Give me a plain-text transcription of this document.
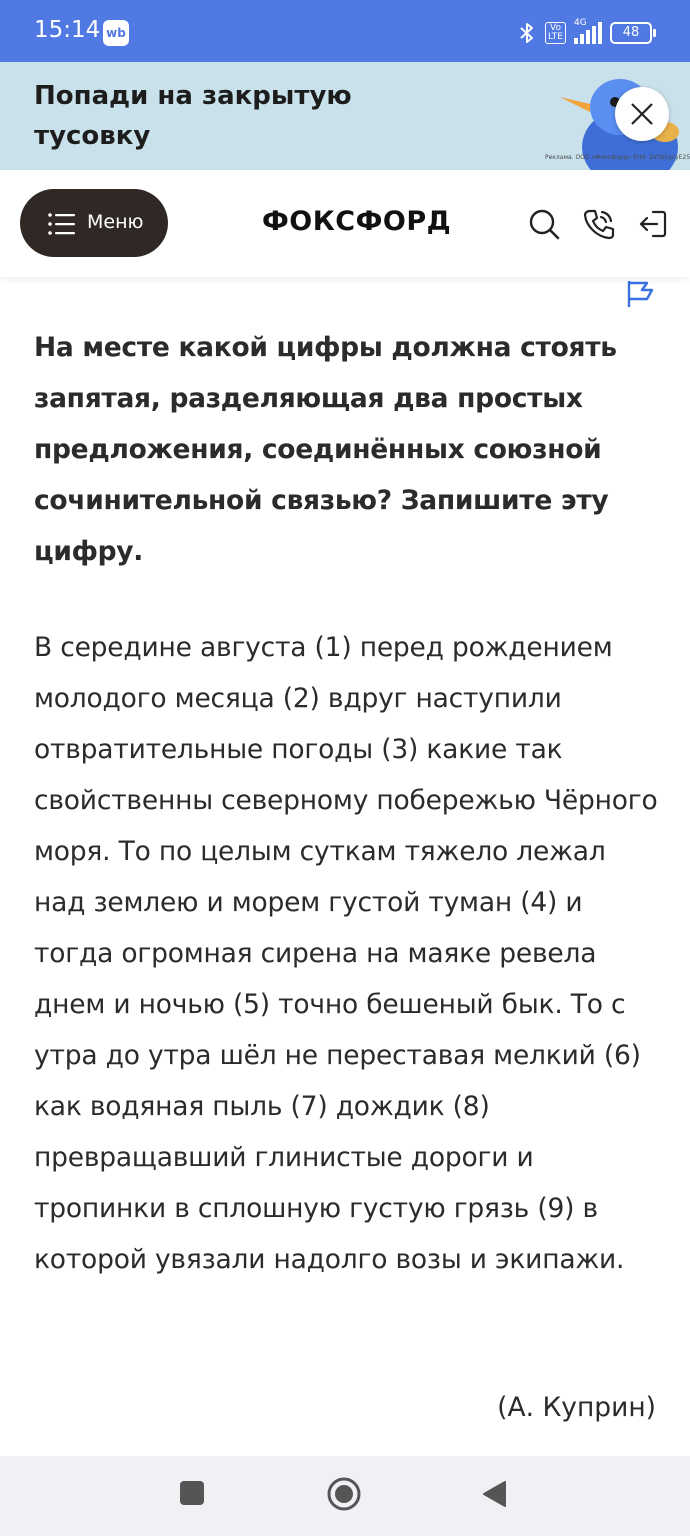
15:14 wb	Vo
LTE
4G
48
Попади на закрытую тусовку
Реклама. ООО «Фоксфорд» Erid: 2VSb5ycyE25
Меню	ФОКСФОРД
На месте какой цифры должна стоять запятая, разделяющая два простых предложения, соединённых союзной сочинительной связью? Запишите эту цифру.
В середине августа (1) перед рождением молодого месяца (2) вдруг наступили отвратительные погоды (3) какие так свойственны северному побережью Чёрного моря. То по целым суткам тяжело лежал над землею и морем густой туман (4) и тогда огромная сирена на маяке ревела днем и ночью (5) точно бешеный бык. То с утра до утра шёл не переставая мелкий (6) как водяная пыль (7) дождик (8) превращавший глинистые дороги и тропинки в сплошную густую грязь (9) в которой увязали надолго возы и экипажи.
(А. Куприн)
